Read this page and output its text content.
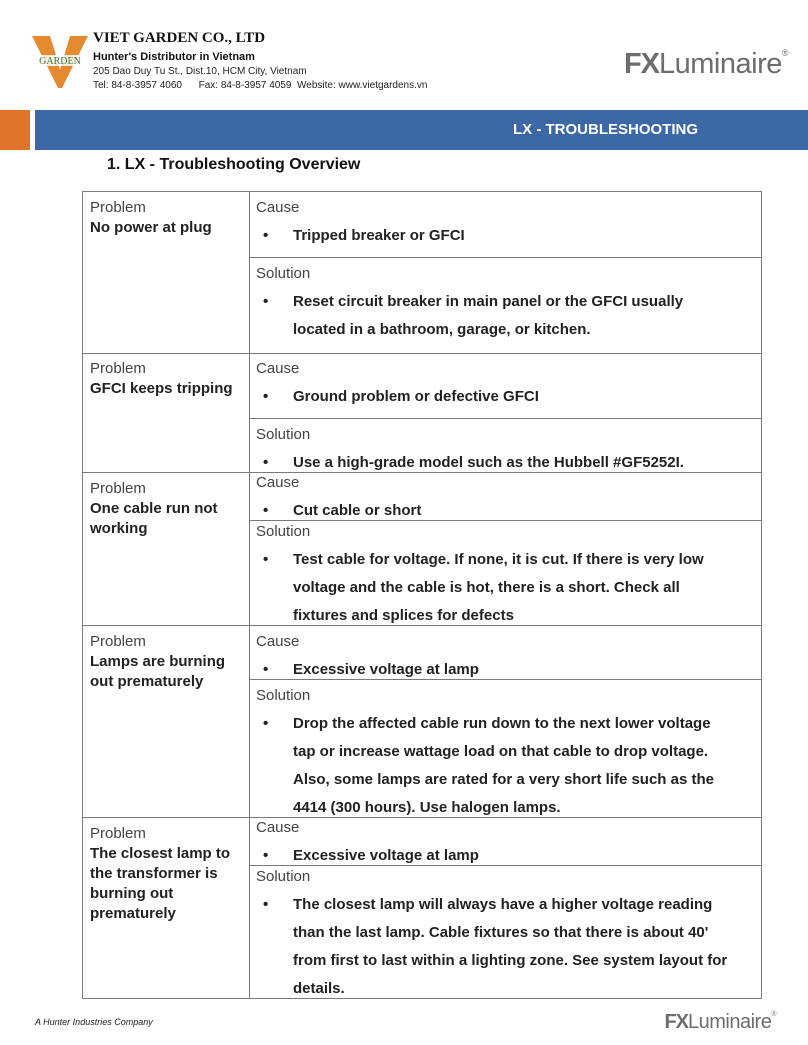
GARDEN
VIET GARDEN CO., LTD
Hunter's Distributor in Vietnam
205 Dao Duy Tu St., Dist.10, HCM City, Vietnam
Tel: 84-8-3957 4060      Fax: 84-8-3957 4059  Website: www.vietgardens.vn
FXLuminaire®
LX - TROUBLESHOOTING
1. LX - Troubleshooting Overview
Problem
No power at plug
Cause
•	Tripped breaker or GFCI
Solution
•	Reset circuit breaker in main panel or the GFCI usually
located in a bathroom, garage, or kitchen.
Problem
GFCI keeps tripping
Cause
•	Ground problem or defective GFCI
Solution
•	Use a high-grade model such as the Hubbell #GF5252I.
Problem
One cable run not
working
Cause
•	Cut cable or short
Solution
•	Test cable for voltage. If none, it is cut. If there is very low
voltage and the cable is hot, there is a short. Check all
fixtures and splices for defects
Problem
Lamps are burning
out prematurely
Cause
•	Excessive voltage at lamp
Solution
•	Drop the affected cable run down to the next lower voltage
tap or increase wattage load on that cable to drop voltage.
Also, some lamps are rated for a very short life such as the
4414 (300 hours). Use halogen lamps.
Problem
The closest lamp to
the transformer is
burning out
prematurely
Cause
•	Excessive voltage at lamp
Solution
•	The closest lamp will always have a higher voltage reading
than the last lamp. Cable fixtures so that there is about 40'
from first to last within a lighting zone. See system layout for
details.
A Hunter Industries Company	FXLuminaire®
